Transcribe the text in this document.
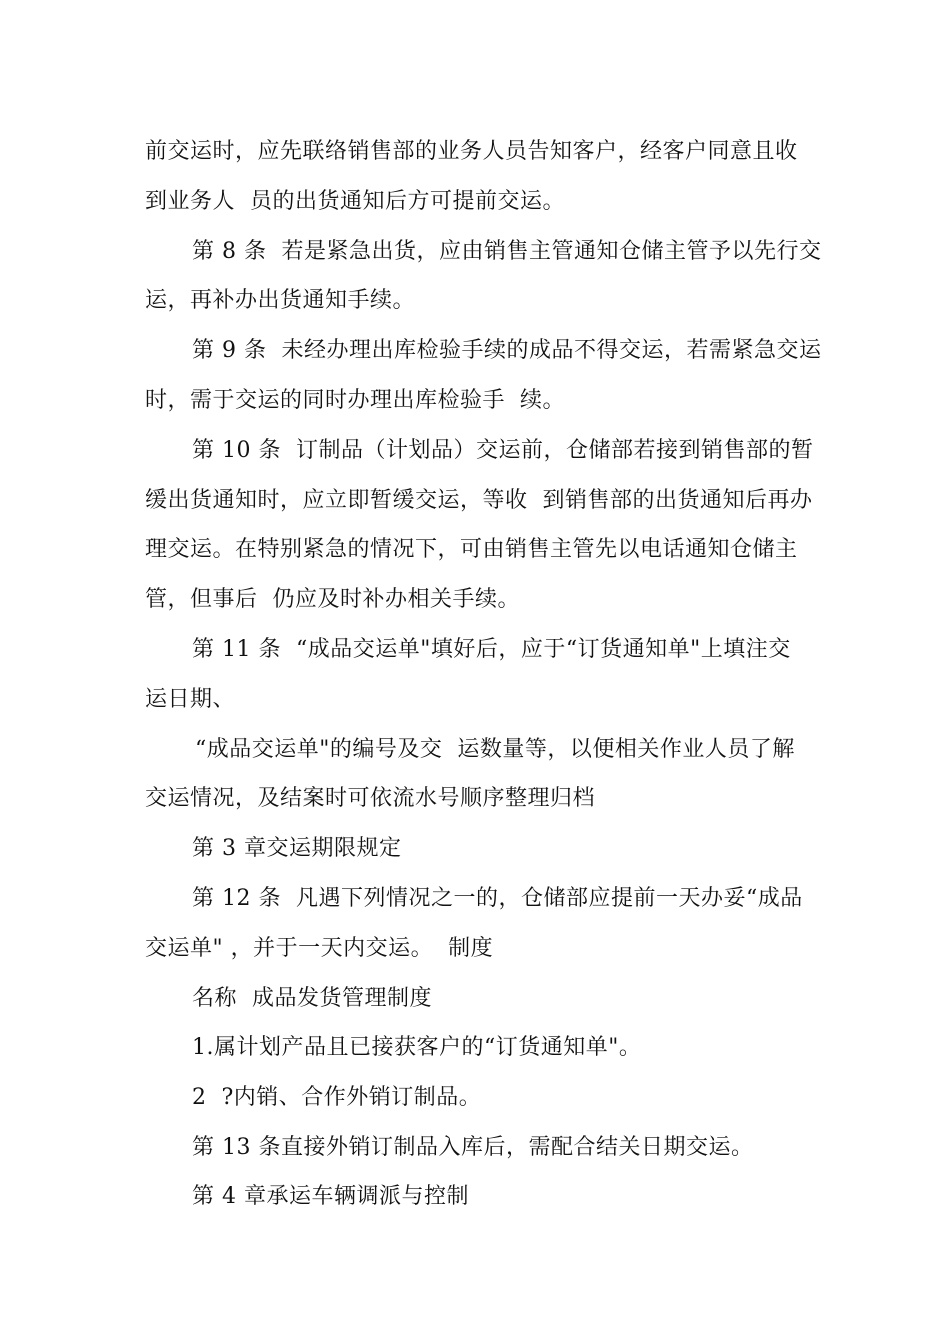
前交运时，应先联络销售部的业务人员告知客户，经客户同意且收
到业务人  员的出货通知后方可提前交运。
第 8 条  若是紧急出货，应由销售主管通知仓储主管予以先行交
运，再补办出货通知手续。
第 9 条  未经办理出库检验手续的成品不得交运，若需紧急交运
时，需于交运的同时办理出库检验手  续。
第 10 条  订制品（计划品）交运前，仓储部若接到销售部的暂
缓出货通知时，应立即暂缓交运，等收  到销售部的出货通知后再办
理交运。在特别紧急的情况下，可由销售主管先以电话通知仓储主
管，但事后  仍应及时补办相关手续。
第 11 条  “成品交运单"填好后，应于“订货通知单"上填注交
运日期、
“成品交运单"的编号及交  运数量等，以便相关作业人员了解
交运情况，及结案时可依流水号顺序整理归档
第 3 章交运期限规定
第 12 条  凡遇下列情况之一的，仓储部应提前一天办妥“成品
交运单" ，并于一天内交运。  制度
名称  成品发货管理制度
1.属计划产品且已接获客户的“订货通知单"。
2  ?内销、合作外销订制品。
第 13 条直接外销订制品入库后，需配合结关日期交运。
第 4 章承运车辆调派与控制
